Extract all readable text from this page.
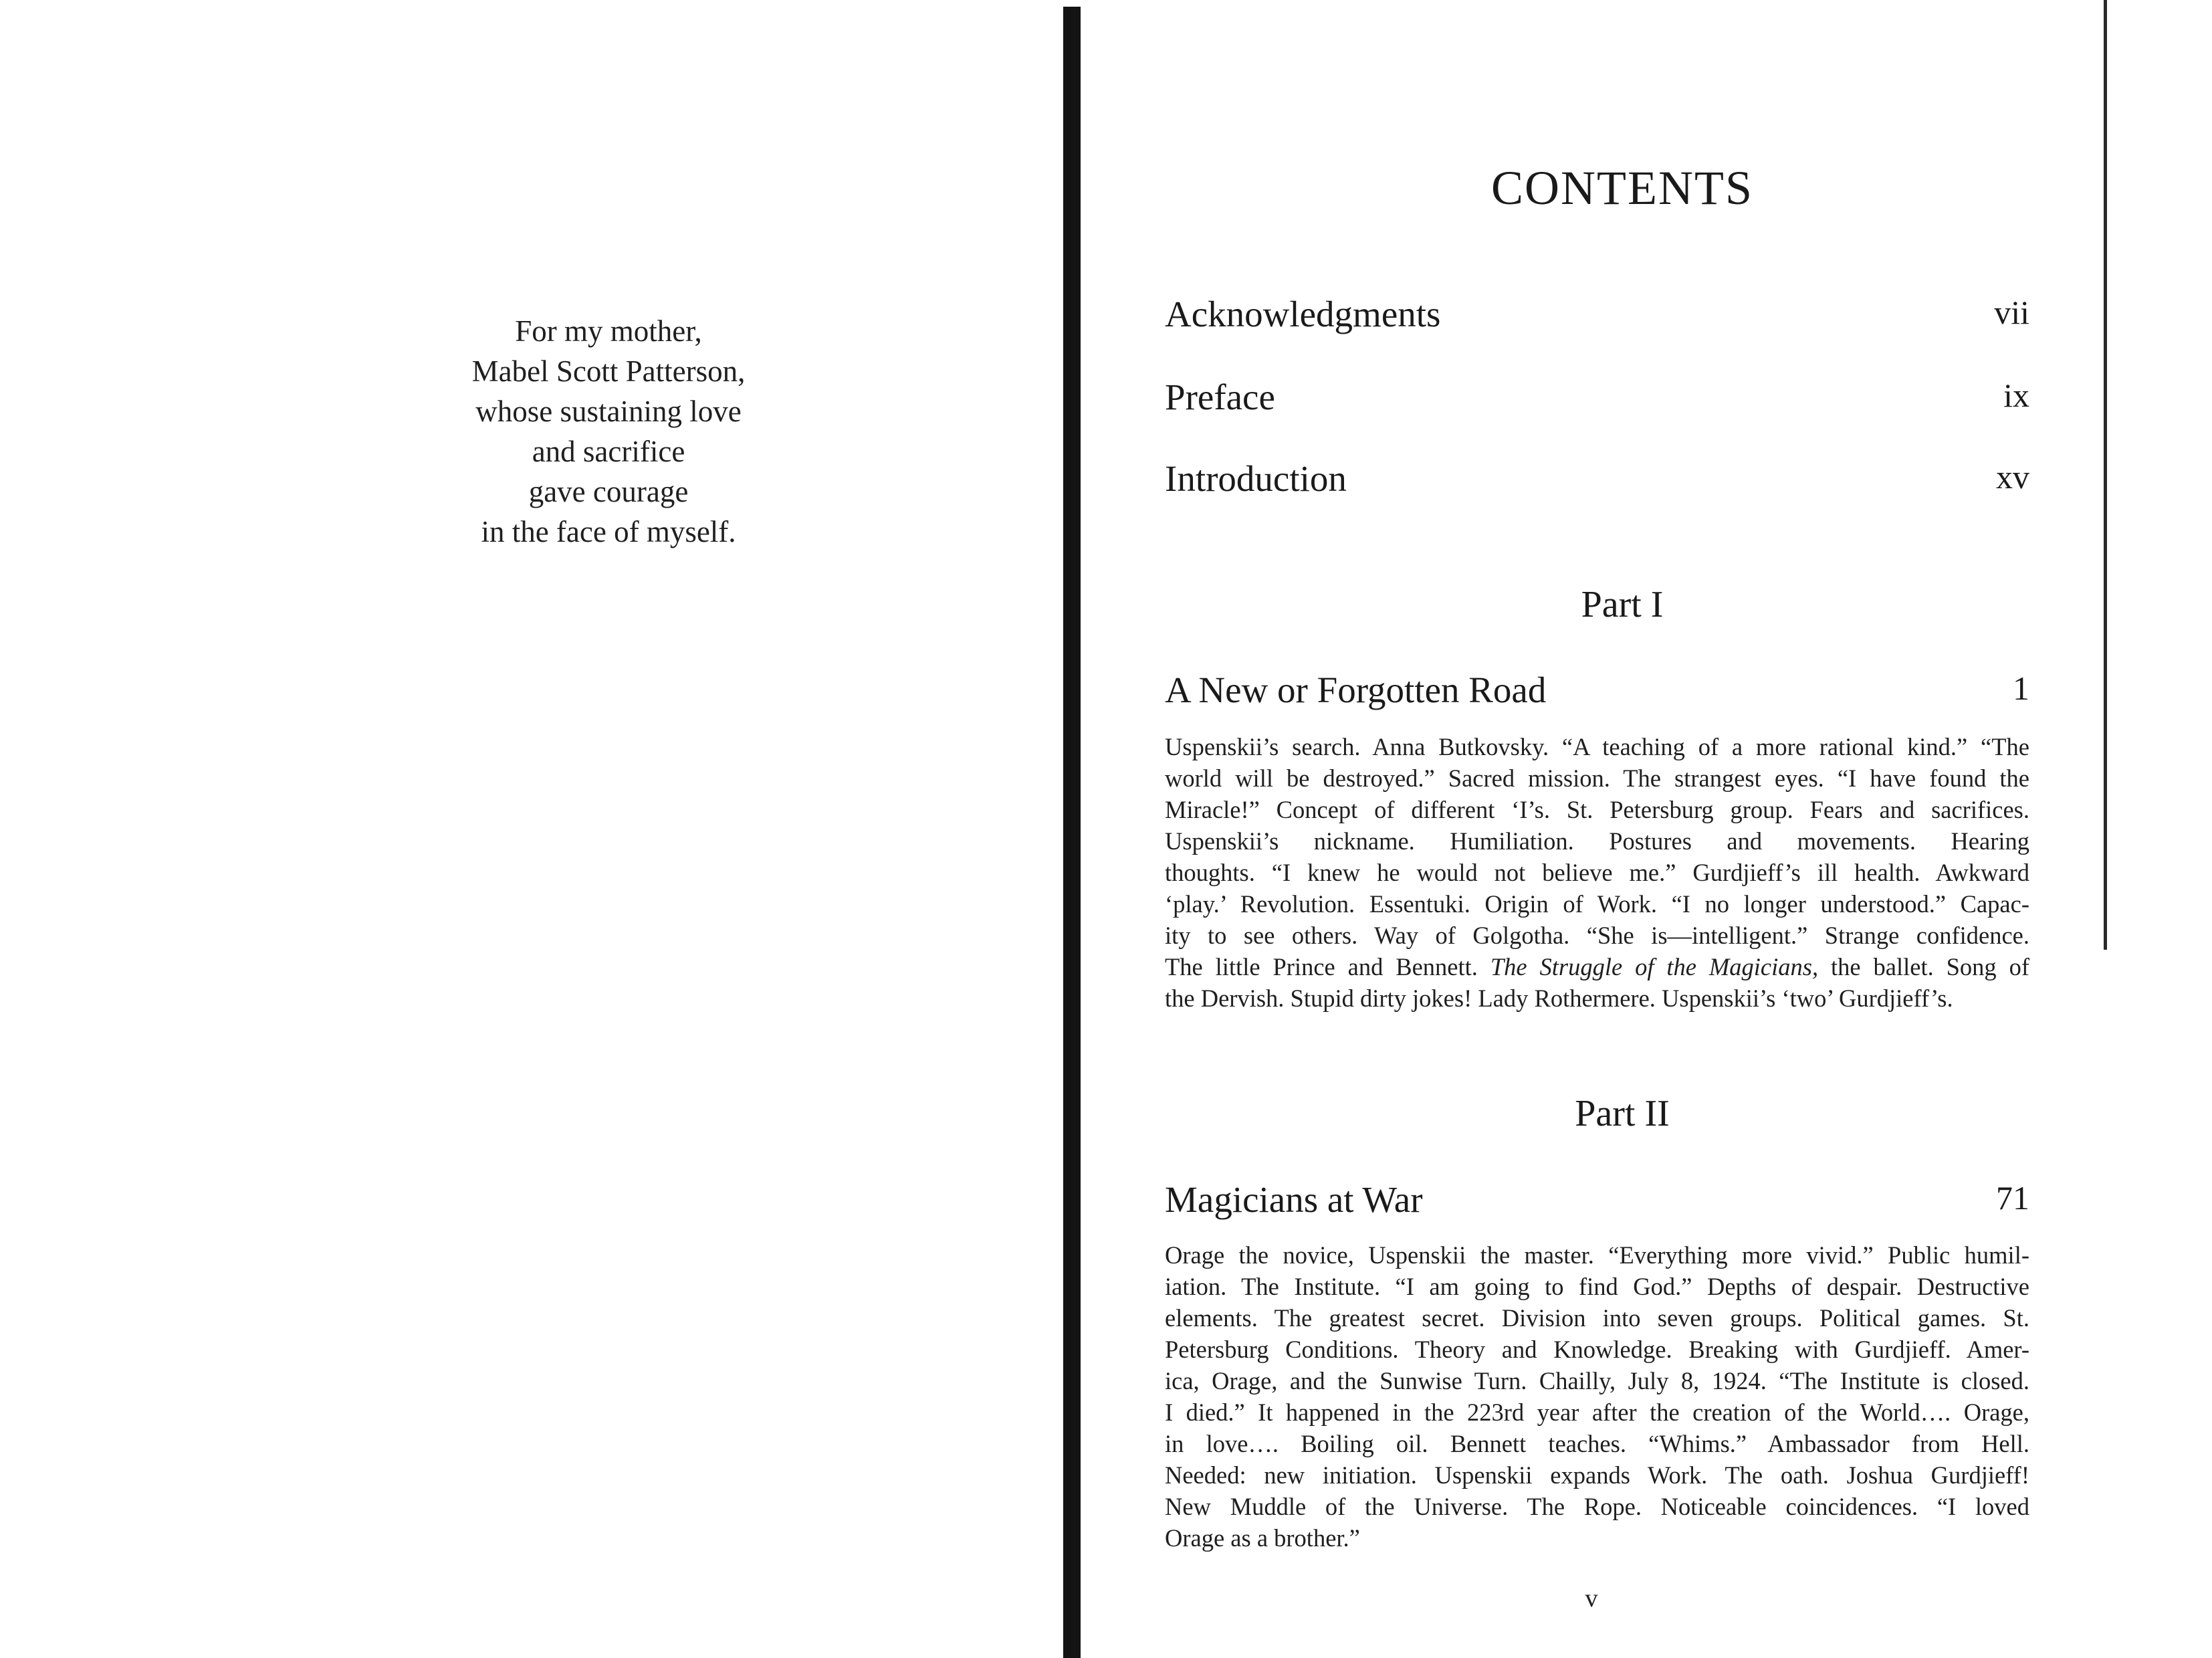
For my mother,
Mabel Scott Patterson,
whose sustaining love
and sacrifice
gave courage
in the face of myself.
CONTENTS
Acknowledgments	vii
Preface	ix
Introduction	xv
Part I
A New or Forgotten Road	1
Uspenskii’s search. Anna Butkovsky. “A teaching of a more rational kind.” “The
world will be destroyed.” Sacred mission. The strangest eyes. “I have found the
Miracle!” Concept of different ‘I’s. St. Petersburg group. Fears and sacrifices.
Uspenskii’s nickname. Humiliation. Postures and movements. Hearing
thoughts. “I knew he would not believe me.” Gurdjieff’s ill health. Awkward
‘play.’ Revolution. Essentuki. Origin of Work. “I no longer understood.” Capac-
ity to see others. Way of Golgotha. “She is—intelligent.” Strange confidence.
The little Prince and Bennett. The Struggle of the Magicians, the ballet. Song of
the Dervish. Stupid dirty jokes! Lady Rothermere. Uspenskii’s ‘two’ Gurdjieff’s.
Part II
Magicians at War	71
Orage the novice, Uspenskii the master. “Everything more vivid.” Public humil-
iation. The Institute. “I am going to find God.” Depths of despair. Destructive
elements. The greatest secret. Division into seven groups. Political games. St.
Petersburg Conditions. Theory and Knowledge. Breaking with Gurdjieff. Amer-
ica, Orage, and the Sunwise Turn. Chailly, July 8, 1924. “The Institute is closed.
I died.” It happened in the 223rd year after the creation of the World…. Orage,
in love…. Boiling oil. Bennett teaches. “Whims.” Ambassador from Hell.
Needed: new initiation. Uspenskii expands Work. The oath. Joshua Gurdjieff!
New Muddle of the Universe. The Rope. Noticeable coincidences. “I loved
Orage as a brother.”
v
